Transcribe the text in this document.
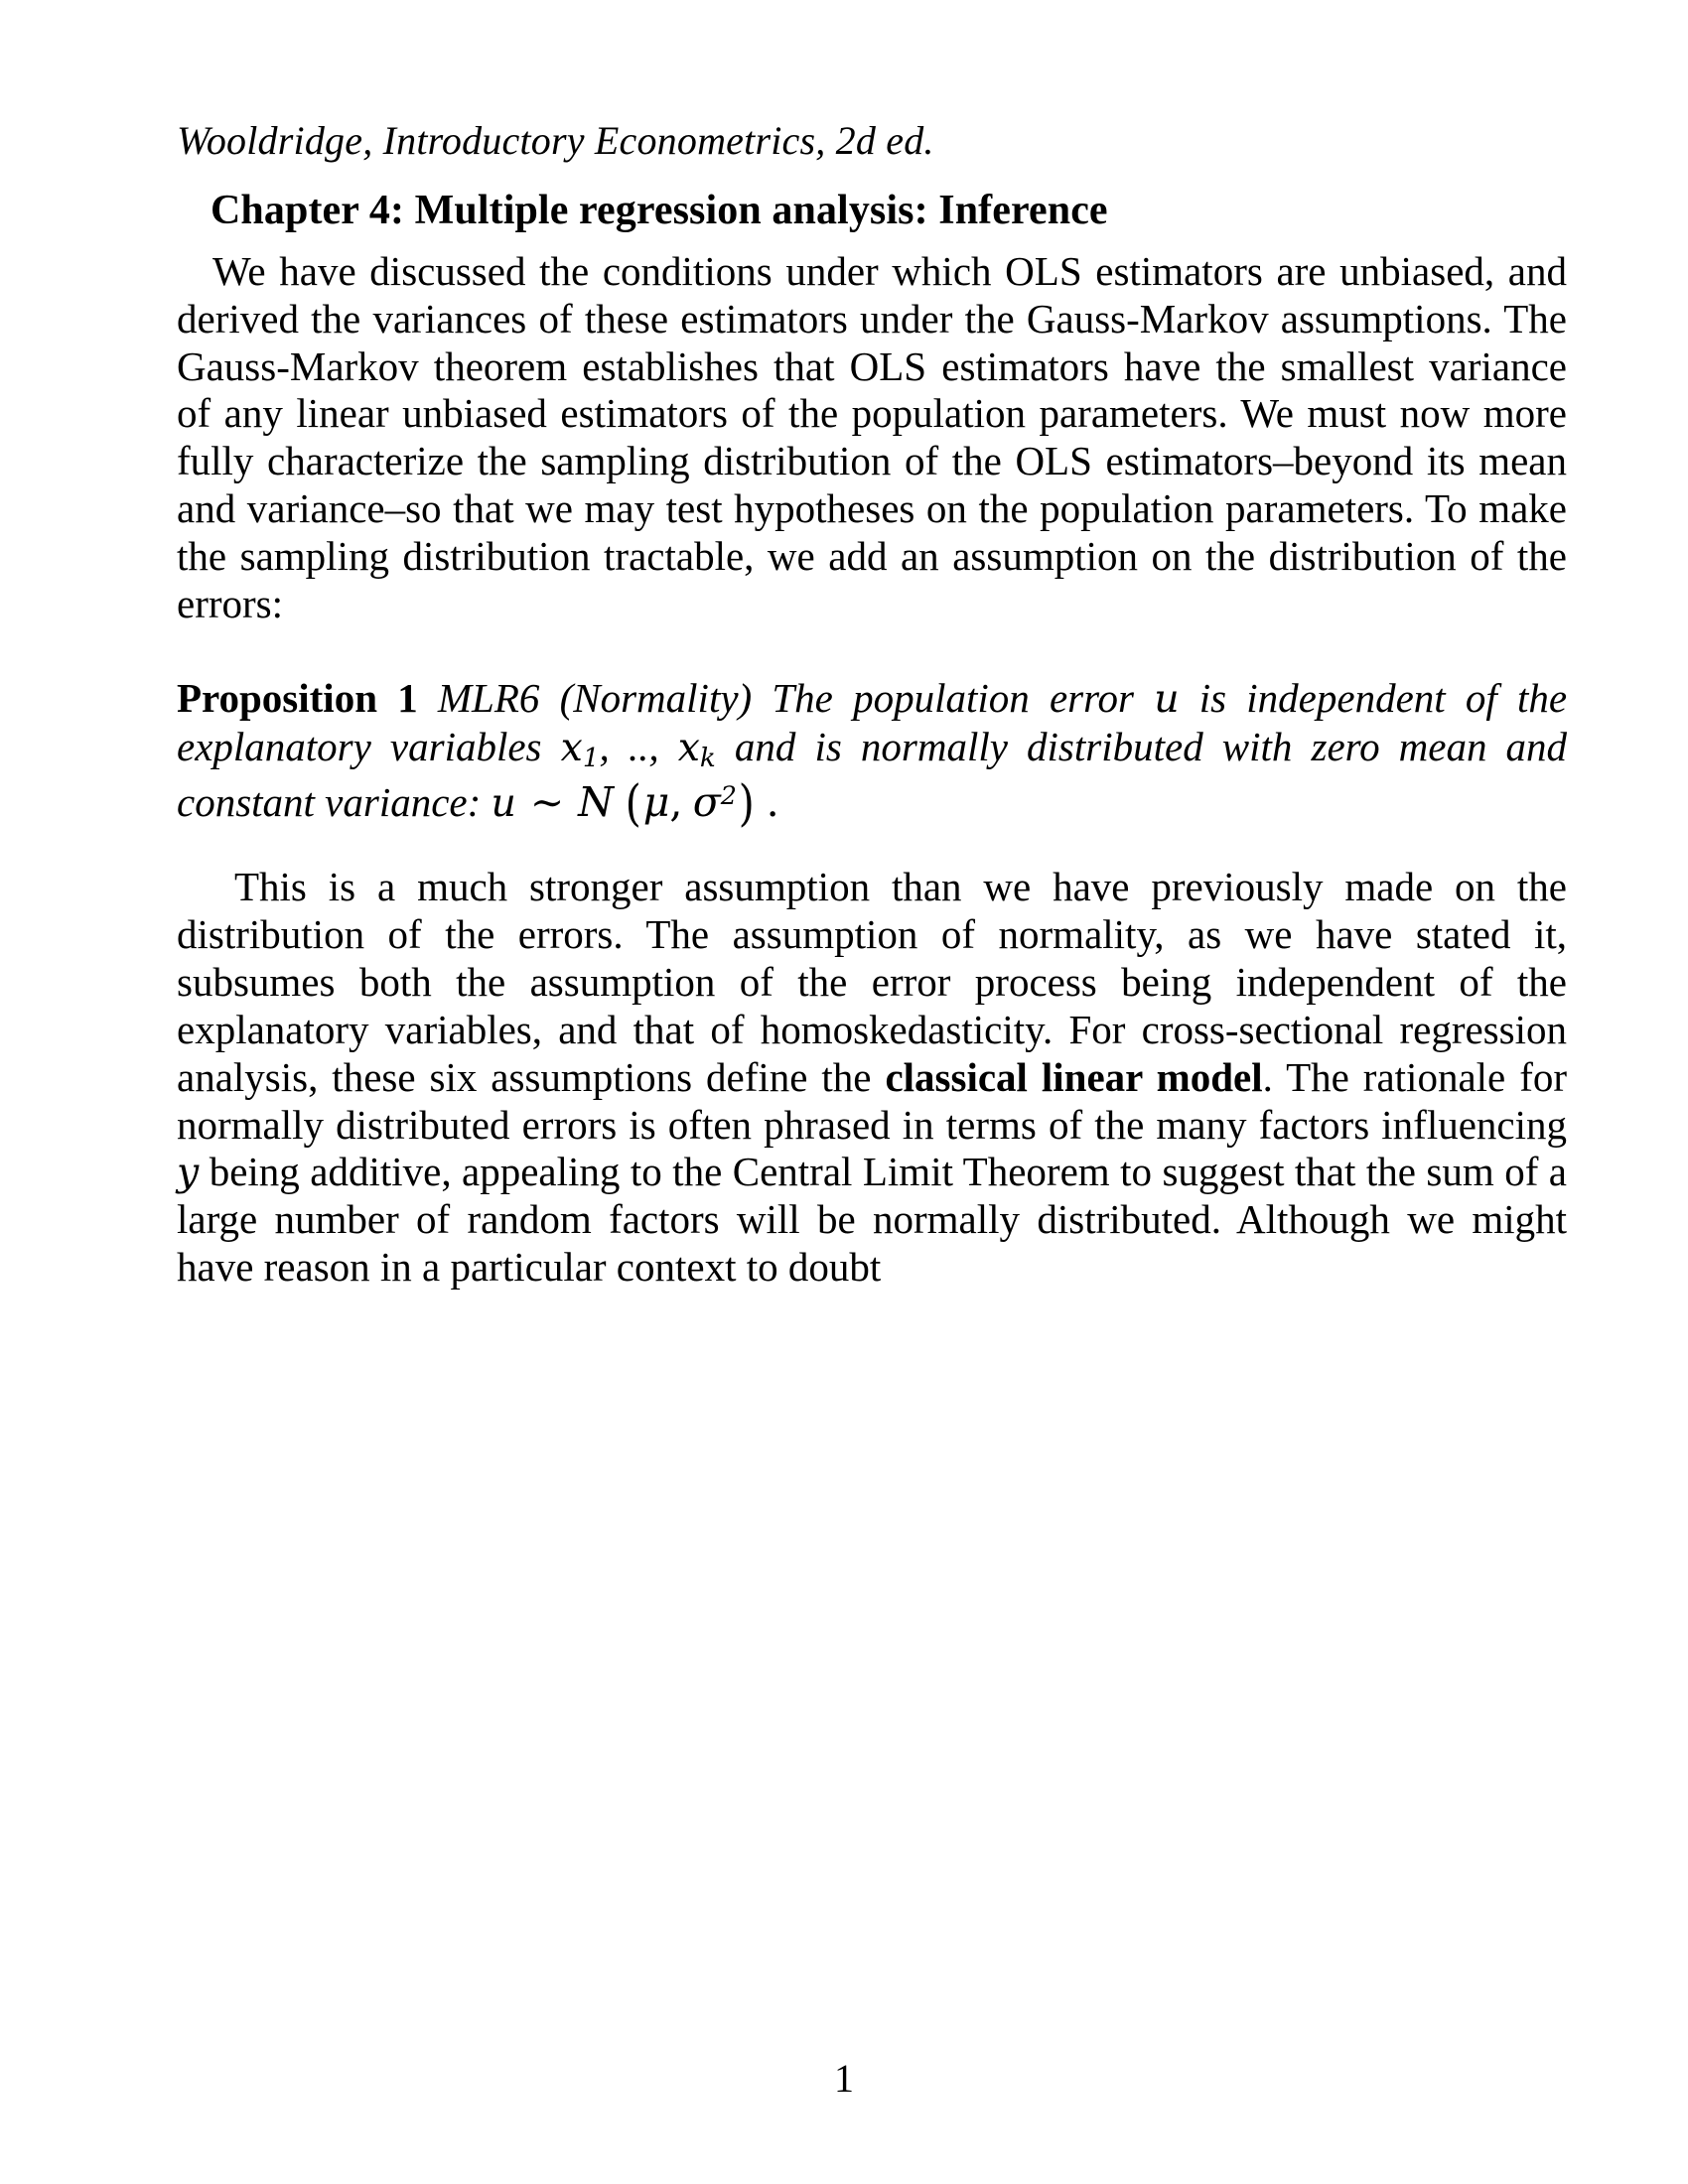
Wooldridge, Introductory Econometrics, 2d ed.
Chapter 4: Multiple regression analysis: Inference

We have discussed the conditions under which OLS estimators are unbiased, and derived the variances of these estimators under the Gauss-Markov assumptions. The Gauss-Markov theorem establishes that OLS estimators have the smallest variance of any linear unbiased estimators of the population parameters. We must now more fully characterize the sampling distribution of the OLS estimators–beyond its mean and variance–so that we may test hypotheses on the population parameters. To make the sampling distribution tractable, we add an assumption on the distribution of the errors:

Proposition 1 MLR6 (Normality) The population error u is independent of the explanatory variables $x_1$, .., $x_k$ and is normally distributed with zero mean and constant variance: u ∼ N (μ, $\sigma^2$) .

This is a much stronger assumption than we have previously made on the distribution of the errors. The assumption of normality, as we have stated it, subsumes both the assumption of the error process being independent of the explanatory variables, and that of homoskedasticity. For cross-sectional regression analysis, these six assumptions define the classical linear model. The rationale for normally distributed errors is often phrased in terms of the many factors influencing y being additive, appealing to the Central Limit Theorem to suggest that the sum of a large number of random factors will be normally distributed. Although we might have reason in a particular context to doubt

1
